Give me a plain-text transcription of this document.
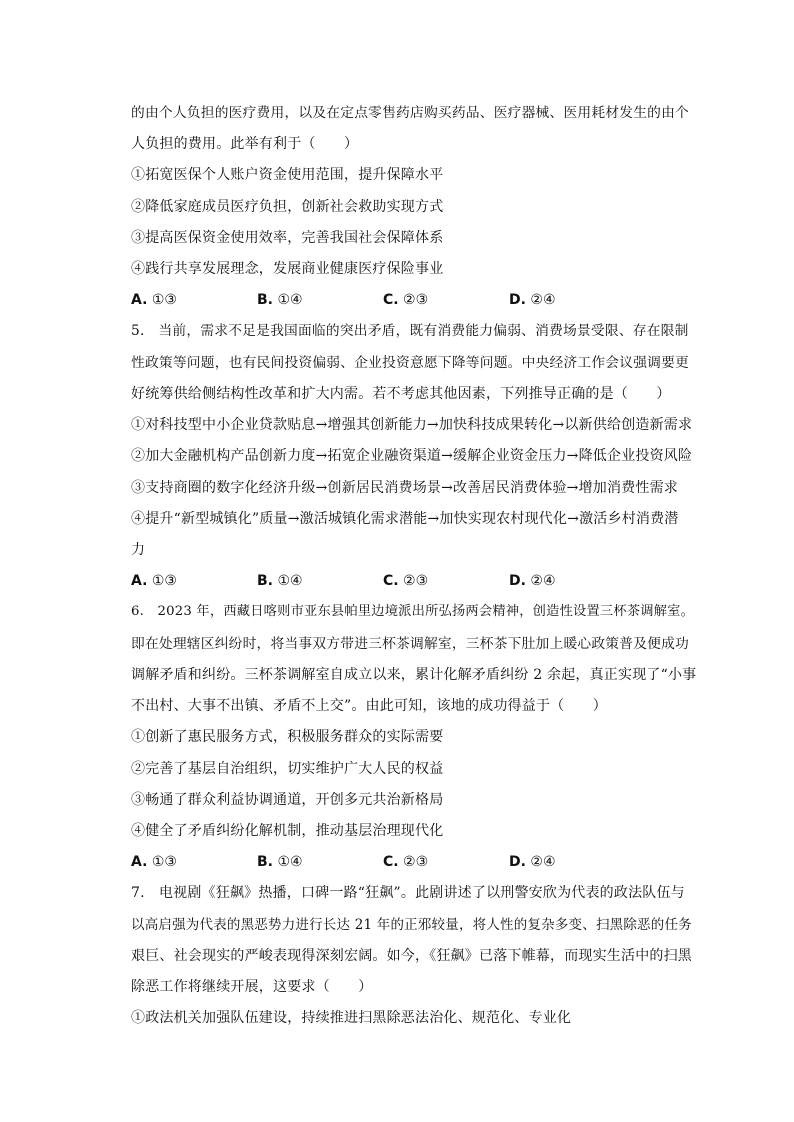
的由个人负担的医疗费用，以及在定点零售药店购买药品、医疗器械、医用耗材发生的由个
人负担的费用。此举有利于（　　）
①拓宽医保个人账户资金使用范围，提升保障水平
②降低家庭成员医疗负担，创新社会救助实现方式
③提高医保资金使用效率，完善我国社会保障体系
④践行共享发展理念，发展商业健康医疗保险事业
A. ①③	B. ①④	C. ②③	D. ②④
5.　当前，需求不足是我国面临的突出矛盾，既有消费能力偏弱、消费场景受限、存在限制
性政策等问题，也有民间投资偏弱、企业投资意愿下降等问题。中央经济工作会议强调要更
好统筹供给侧结构性改革和扩大内需。若不考虑其他因素，下列推导正确的是（　　）
①对科技型中小企业贷款贴息→增强其创新能力→加快科技成果转化→以新供给创造新需求
②加大金融机构产品创新力度→拓宽企业融资渠道→缓解企业资金压力→降低企业投资风险
③支持商圈的数字化经济升级→创新居民消费场景→改善居民消费体验→增加消费性需求
④提升“新型城镇化”质量→激活城镇化需求潜能→加快实现农村现代化→激活乡村消费潜
力
A. ①③	B. ①④	C. ②③	D. ②④
6.　2023 年，西藏日喀则市亚东县帕里边境派出所弘扬两会精神，创造性设置三杯茶调解室。
即在处理辖区纠纷时，将当事双方带进三杯茶调解室，三杯茶下肚加上暖心政策普及便成功
调解矛盾和纠纷。三杯茶调解室自成立以来，累计化解矛盾纠纷 2 余起，真正实现了“小事
不出村、大事不出镇、矛盾不上交”。由此可知，该地的成功得益于（　　）
①创新了惠民服务方式，积极服务群众的实际需要
②完善了基层自治组织，切实维护广大人民的权益
③畅通了群众利益协调通道，开创多元共治新格局
④健全了矛盾纠纷化解机制，推动基层治理现代化
A. ①③	B. ①④	C. ②③	D. ②④
7.　电视剧《狂飙》热播，口碑一路“狂飙”。此剧讲述了以刑警安欣为代表的政法队伍与
以高启强为代表的黑恶势力进行长达 21 年的正邪较量，将人性的复杂多变、扫黑除恶的任务
艰巨、社会现实的严峻表现得深刻宏阔。如今，《狂飙》已落下帷幕，而现实生活中的扫黑
除恶工作将继续开展，这要求（　　）
①政法机关加强队伍建设，持续推进扫黑除恶法治化、规范化、专业化
